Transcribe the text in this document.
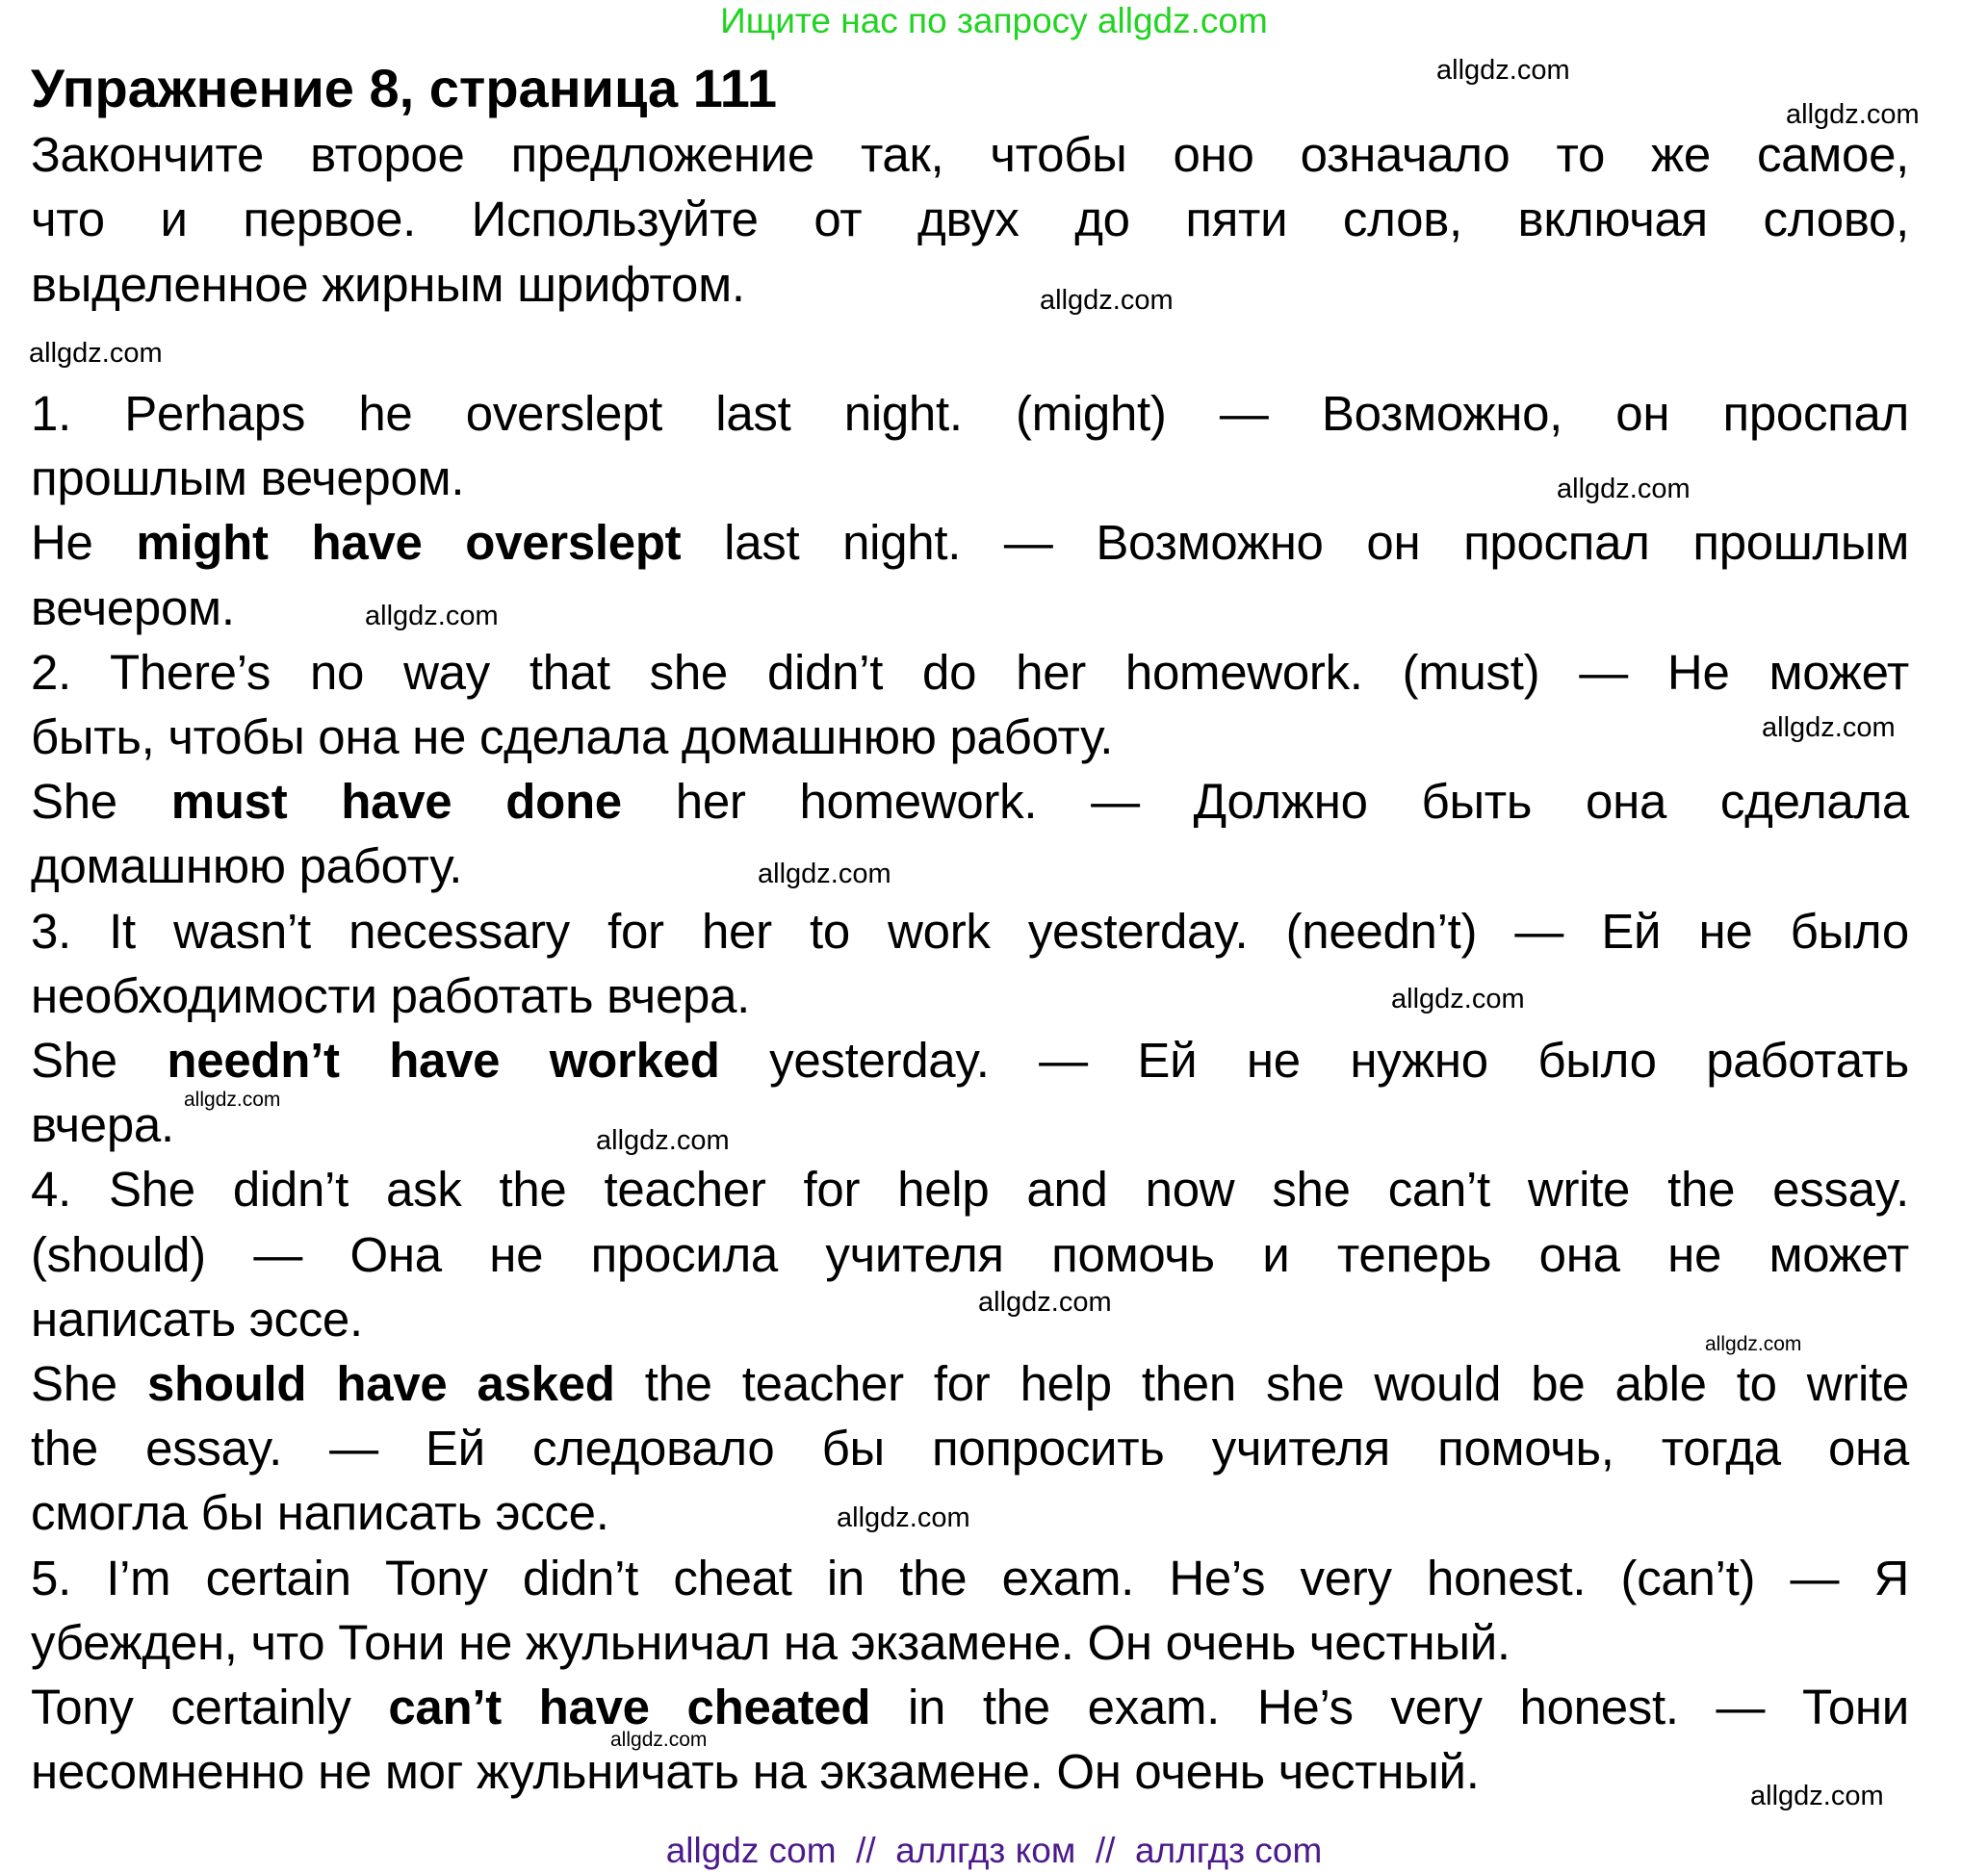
Ищите нас по запросу allgdz.com
Упражнение 8, страница 111
Закончите второе предложение так, чтобы оно означало то же самое,
что и первое. Используйте от двух до пяти слов, включая слово,
выделенное жирным шрифтом.
1. Perhaps he overslept last night. (might) — Возможно, он проспал
прошлым вечером.
He might have overslept last night. — Возможно он проспал прошлым
вечером.
2. There’s no way that she didn’t do her homework. (must) — Не может
быть, чтобы она не сделала домашнюю работу.
She must have done her homework. — Должно быть она сделала
домашнюю работу.
3. It wasn’t necessary for her to work yesterday. (needn’t) — Ей не было
необходимости работать вчера.
She needn’t have worked yesterday. — Ей не нужно было работать
вчера.
4. She didn’t ask the teacher for help and now she can’t write the essay.
(should) — Она не просила учителя помочь и теперь она не может
написать эссе.
She should have asked the teacher for help then she would be able to write
the essay. — Ей следовало бы попросить учителя помочь, тогда она
смогла бы написать эссе.
5. I’m certain Tony didn’t cheat in the exam. He’s very honest. (can’t) — Я
убежден, что Тони не жульничал на экзамене. Он очень честный.
Tony certainly can’t have cheated in the exam. He’s very honest. — Тони
несомненно не мог жульничать на экзамене. Он очень честный.
allgdz.com
allgdz.com
allgdz.com
allgdz.com
allgdz.com
allgdz.com
allgdz.com
allgdz.com
allgdz.com
allgdz.com
allgdz.com
allgdz.com
allgdz.com
allgdz.com
allgdz.com
allgdz.com
allgdz com  //  аллгдз ком  //  аллгдз com
